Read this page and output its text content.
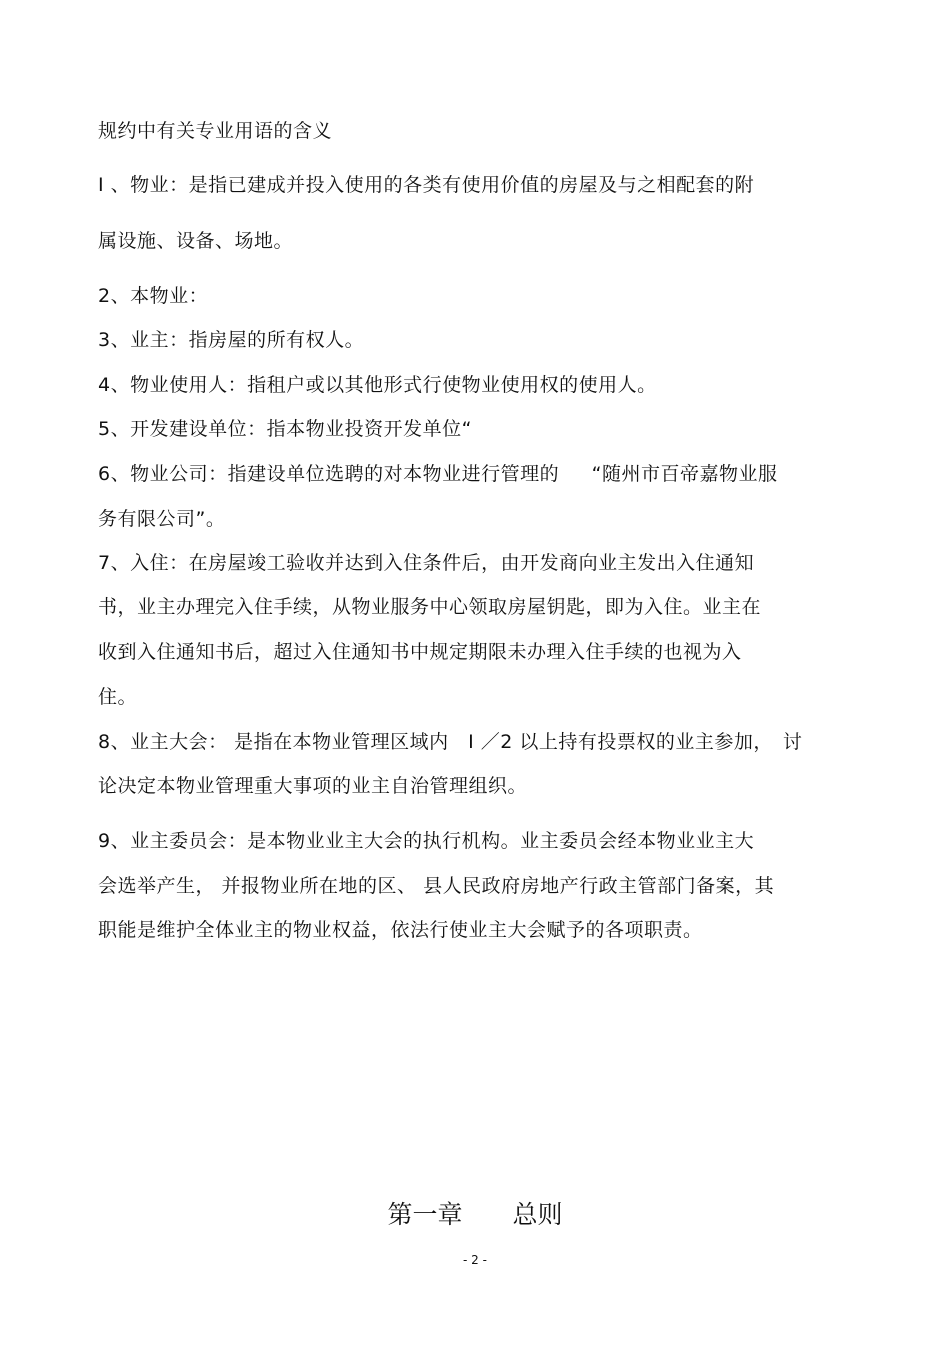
规约中有关专业用语的含义
I 、物业：是指已建成并投入使用的各类有使用价值的房屋及与之相配套的附
属设施、设备、场地。
2、本物业：
3、业主：指房屋的所有权人。
4、物业使用人：指租户或以其他形式行使物业使用权的使用人。
5、开发建设单位：指本物业投资开发单位“
6、物业公司：指建设单位选聘的对本物业进行管理的 　 “随州市百帝嘉物业服
务有限公司”。
7、入住：在房屋竣工验收并达到入住条件后，由开发商向业主发出入住通知
书，业主办理完入住手续，从物业服务中心领取房屋钥匙，即为入住。业主在
收到入住通知书后，超过入住通知书中规定期限未办理入住手续的也视为入
住。
8、业主大会： 是指在本物业管理区域内　I ／2 以上持有投票权的业主参加，　讨
论决定本物业管理重大事项的业主自治管理组织。
9、业主委员会：是本物业业主大会的执行机构。业主委员会经本物业业主大
会选举产生， 并报物业所在地的区、 县人民政府房地产行政主管部门备案，其
职能是维护全体业主的物业权益，依法行使业主大会赋予的各项职责。
第一章　　总则
- 2 -
